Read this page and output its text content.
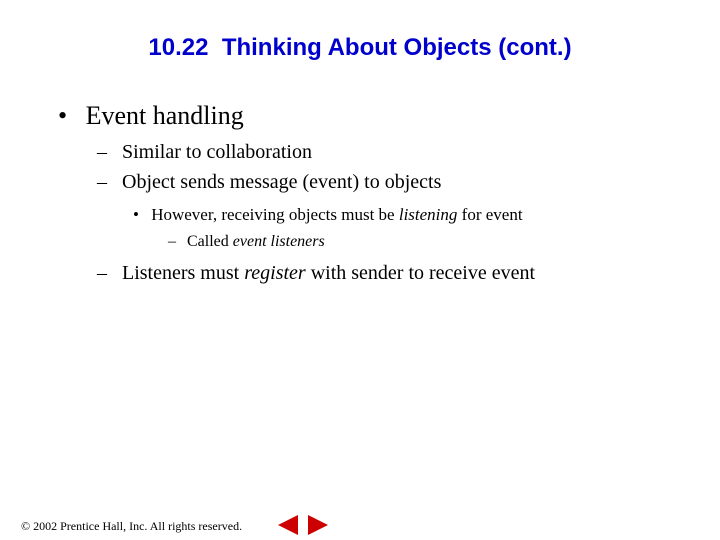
10.22  Thinking About Objects (cont.)
• Event handling
– Similar to collaboration
– Object sends message (event) to objects
• However, receiving objects must be listening for event
– Called event listeners
– Listeners must register with sender to receive event
© 2002 Prentice Hall, Inc. All rights reserved.
